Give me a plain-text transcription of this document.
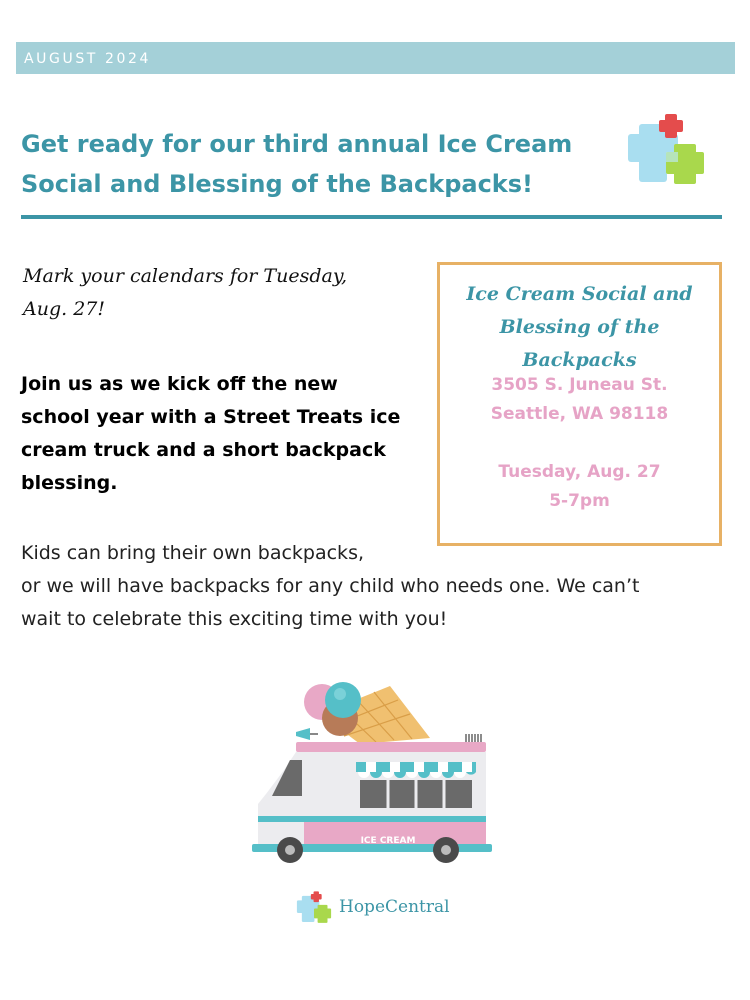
AUGUST 2024
Get ready for our third annual Ice Cream Social and Blessing of the Backpacks!
Mark your calendars for Tuesday,
Aug. 27!
Join us as we kick off the new school year with a Street Treats ice cream truck and a short backpack blessing.
Ice Cream Social and
Blessing of the Backpacks
3505 S. Juneau St.
Seattle, WA 98118
Tuesday, Aug. 27
5-7pm
Kids can bring their own backpacks,
or we will have backpacks for any child who needs one. We can’t
wait to celebrate this exciting time with you!
ICE CREAM
HopeCentral
